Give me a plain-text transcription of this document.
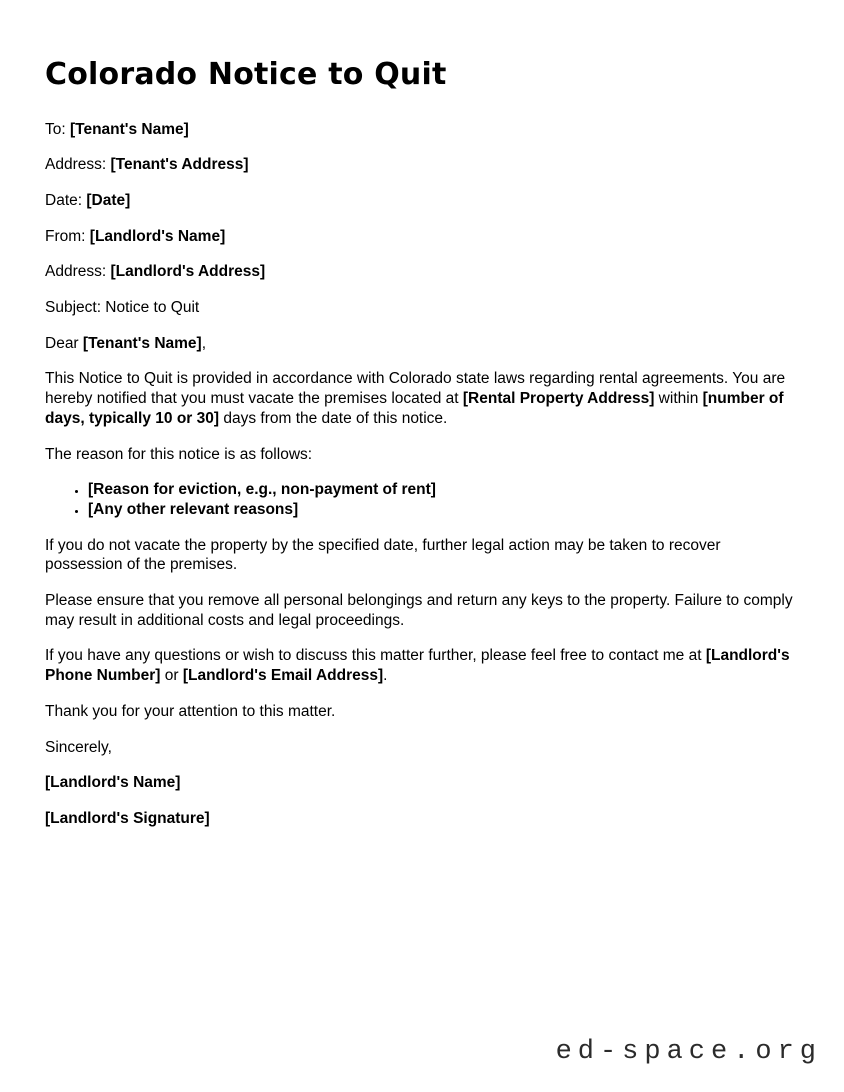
Colorado Notice to Quit

To: [Tenant's Name]

Address: [Tenant's Address]

Date: [Date]

From: [Landlord's Name]

Address: [Landlord's Address]

Subject: Notice to Quit

Dear [Tenant's Name],

This Notice to Quit is provided in accordance with Colorado state laws regarding rental agreements. You are hereby notified that you must vacate the premises located at [Rental Property Address] within [number of days, typically 10 or 30] days from the date of this notice.

The reason for this notice is as follows:

• [Reason for eviction, e.g., non-payment of rent]
• [Any other relevant reasons]

If you do not vacate the property by the specified date, further legal action may be taken to recover possession of the premises.

Please ensure that you remove all personal belongings and return any keys to the property. Failure to comply may result in additional costs and legal proceedings.

If you have any questions or wish to discuss this matter further, please feel free to contact me at [Landlord's Phone Number] or [Landlord's Email Address].

Thank you for your attention to this matter.

Sincerely,

[Landlord's Name]

[Landlord's Signature]

ed-space.org
